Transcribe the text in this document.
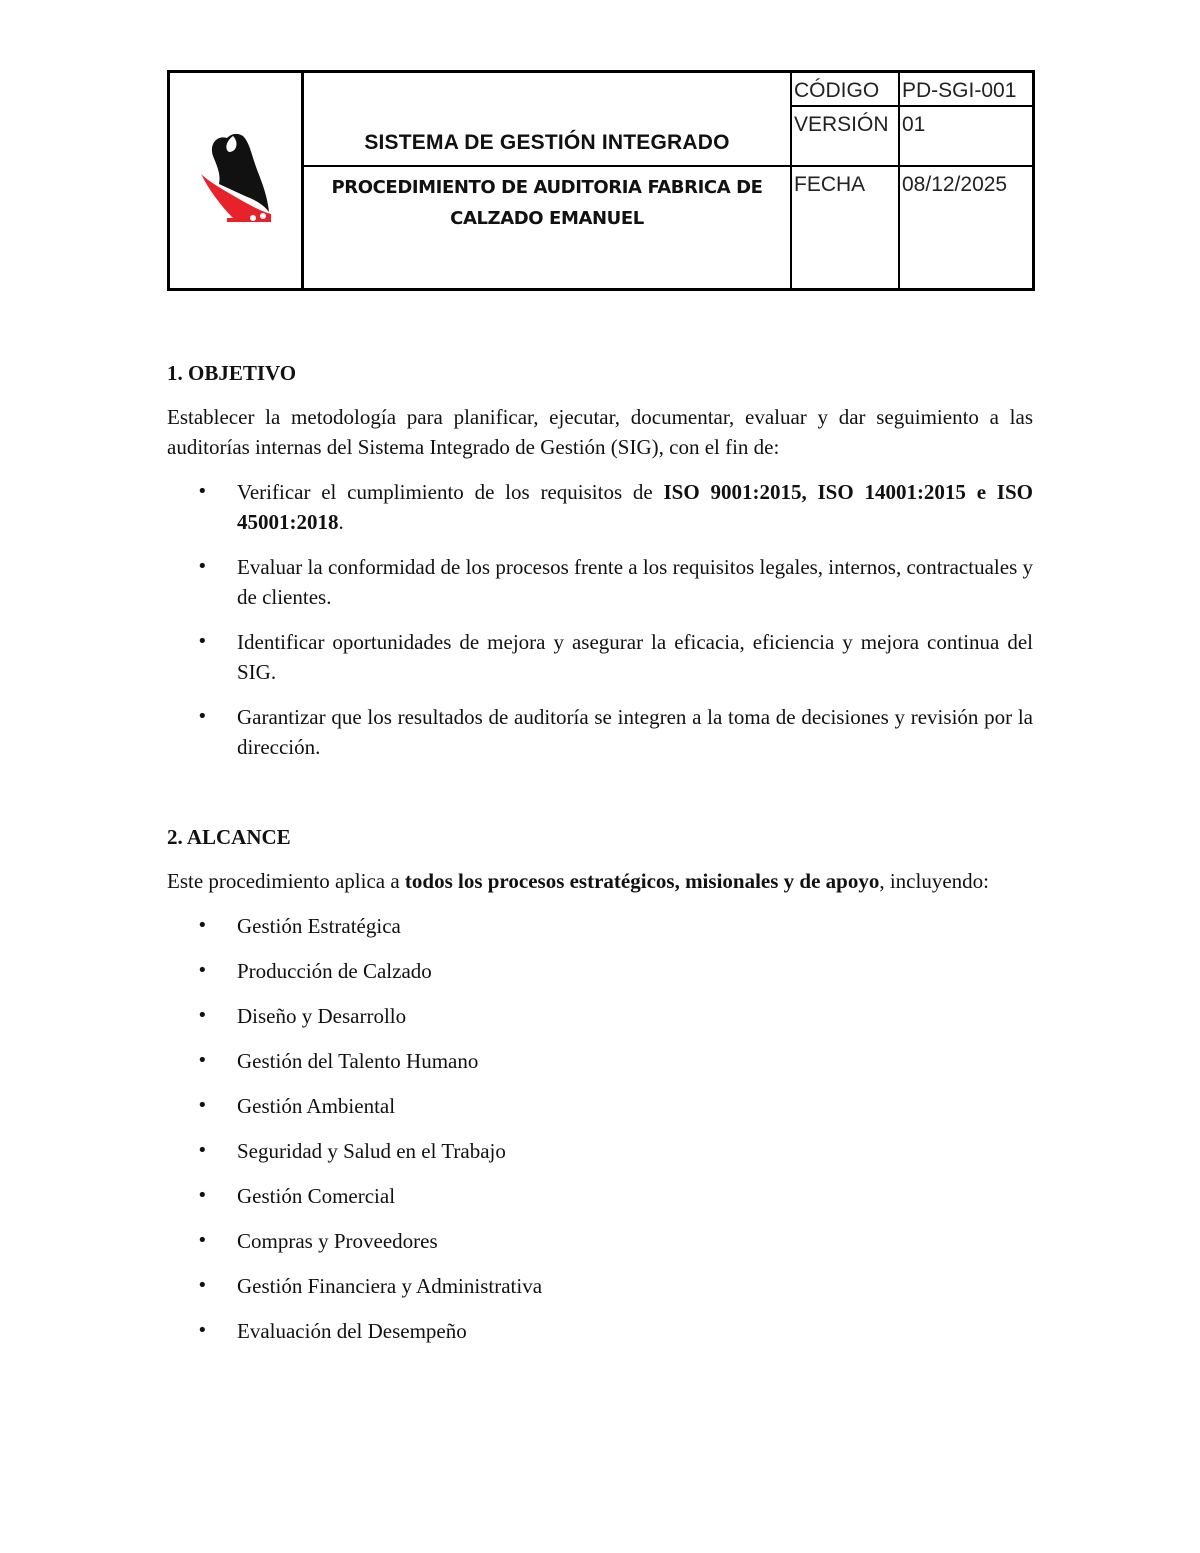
SISTEMA DE GESTIÓN INTEGRADO	CÓDIGO	PD-SGI-001

		VERSIÓN	01

	PROCEDIMIENTO DE AUDITORIA FABRICA DE CALZADO EMANUEL	FECHA	08/12/2025
1. OBJETIVO

Establecer la metodología para planificar, ejecutar, documentar, evaluar y dar seguimiento a las auditorías internas del Sistema Integrado de Gestión (SIG), con el fin de:

• Verificar el cumplimiento de los requisitos de ISO 9001:2015, ISO 14001:2015 e ISO 45001:2018.
• Evaluar la conformidad de los procesos frente a los requisitos legales, internos, contractuales y de clientes.
• Identificar oportunidades de mejora y asegurar la eficacia, eficiencia y mejora continua del SIG.
• Garantizar que los resultados de auditoría se integren a la toma de decisiones y revisión por la dirección.
2. ALCANCE

Este procedimiento aplica a todos los procesos estratégicos, misionales y de apoyo, incluyendo:

• Gestión Estratégica
• Producción de Calzado
• Diseño y Desarrollo
• Gestión del Talento Humano
• Gestión Ambiental
• Seguridad y Salud en el Trabajo
• Gestión Comercial
• Compras y Proveedores
• Gestión Financiera y Administrativa
• Evaluación del Desempeño
